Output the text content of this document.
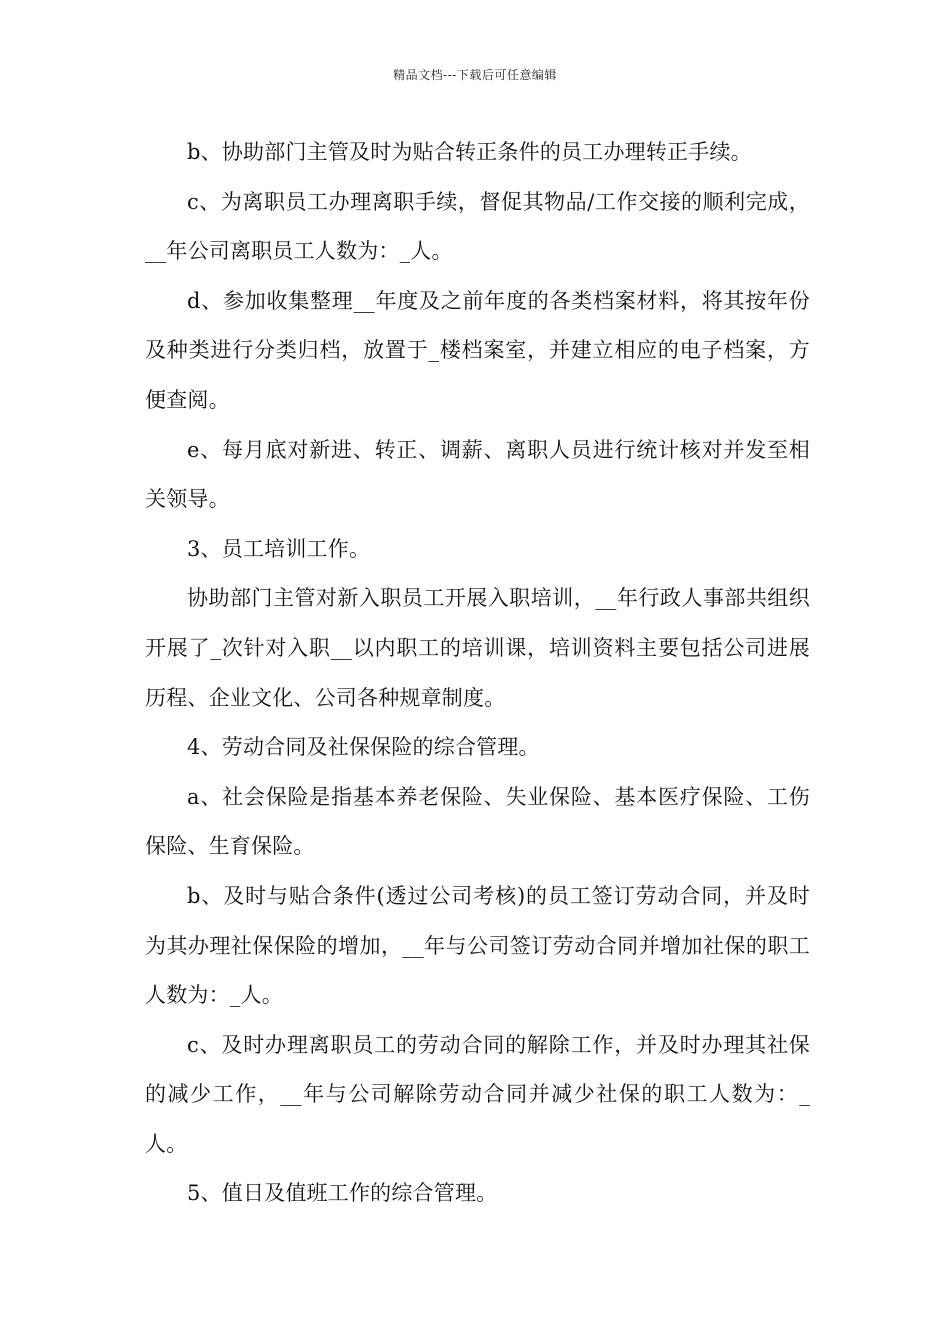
精品文档---下载后可任意编辑

b、协助部门主管及时为贴合转正条件的员工办理转正手续。

c、为离职员工办理离职手续，督促其物品/工作交接的顺利完成，__年公司离职员工人数为：_人。

d、参加收集整理__年度及之前年度的各类档案材料，将其按年份及种类进行分类归档，放置于_楼档案室，并建立相应的电子档案，方便查阅。

e、每月底对新进、转正、调薪、离职人员进行统计核对并发至相关领导。

3、员工培训工作。

协助部门主管对新入职员工开展入职培训，__年行政人事部共组织开展了_次针对入职__以内职工的培训课，培训资料主要包括公司进展历程、企业文化、公司各种规章制度。

4、劳动合同及社保保险的综合管理。

a、社会保险是指基本养老保险、失业保险、基本医疗保险、工伤保险、生育保险。

b、及时与贴合条件(透过公司考核)的员工签订劳动合同，并及时为其办理社保保险的增加，__年与公司签订劳动合同并增加社保的职工人数为：_人。

c、及时办理离职员工的劳动合同的解除工作，并及时办理其社保的减少工作，__年与公司解除劳动合同并减少社保的职工人数为：_人。

5、值日及值班工作的综合管理。
